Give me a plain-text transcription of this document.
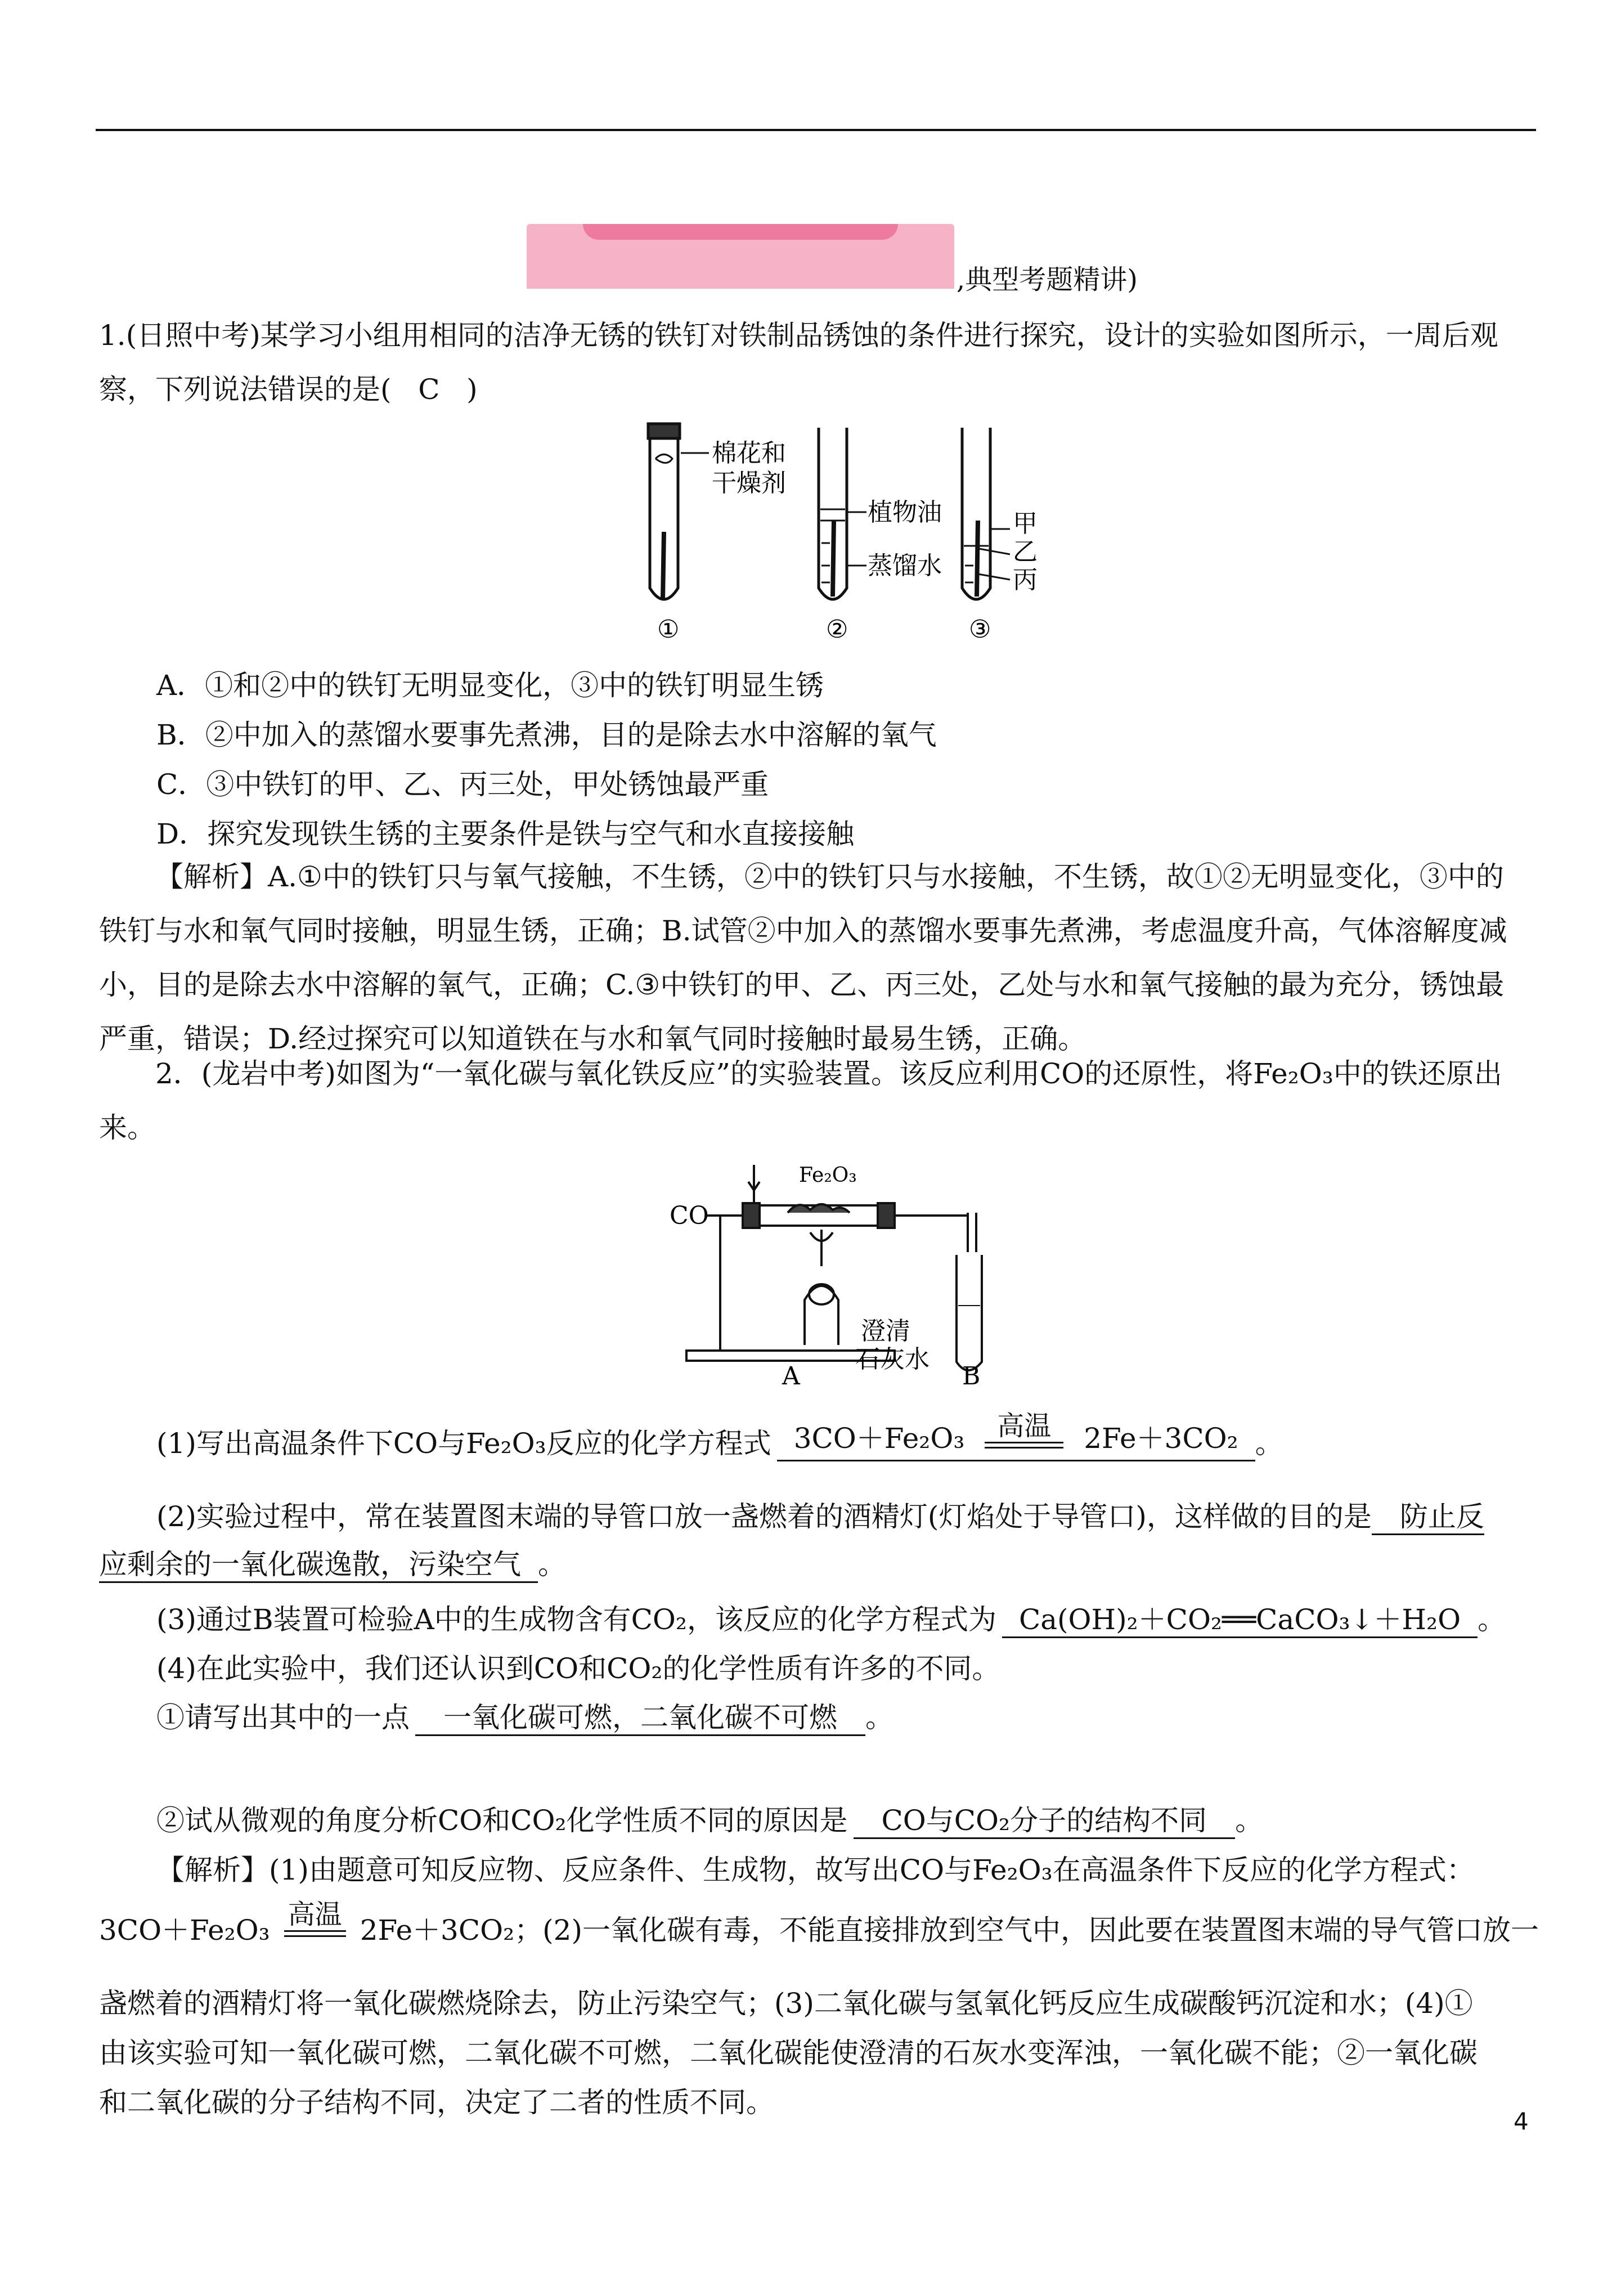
,典型考题精讲)

1.(日照中考)某学习小组用相同的洁净无锈的铁钉对铁制品锈蚀的条件进行探究，设计的实验如图所示，一周后观察，下列说法错误的是( C )

棉花和
干燥剂
①
植物油
蒸馏水
②
甲
乙
丙
③

A．①和②中的铁钉无明显变化，③中的铁钉明显生锈

B．②中加入的蒸馏水要事先煮沸，目的是除去水中溶解的氧气

C．③中铁钉的甲、乙、丙三处，甲处锈蚀最严重

D．探究发现铁生锈的主要条件是铁与空气和水直接接触

【解析】A.①中的铁钉只与氧气接触，不生锈，②中的铁钉只与水接触，不生锈，故①②无明显变化，③中的铁钉与水和氧气同时接触，明显生锈，正确；B.试管②中加入的蒸馏水要事先煮沸，考虑温度升高，气体溶解度减小，目的是除去水中溶解的氧气，正确；C.③中铁钉的甲、乙、丙三处，乙处与水和氧气接触的最为充分，锈蚀最严重，错误；D.经过探究可以知道铁在与水和氧气同时接触时最易生锈，正确。

2．(龙岩中考)如图为“一氧化碳与氧化铁反应”的实验装置。该反应利用CO的还原性，将Fe₂O₃中的铁还原出来。

CO
Fe₂O₃
澄清
石灰水
A	B
(1)写出高温条件下CO与Fe₂O₃反应的化学方程式 3CO＋Fe₂O₃	高温	2Fe＋3CO₂ 。
(2)实验过程中，常在装置图末端的导管口放一盏燃着的酒精灯(灯焰处于导管口)，这样做的目的是 防止反
应剩余的一氧化碳逸散，污染空气 。
(3)通过B装置可检验A中的生成物含有CO₂，该反应的化学方程式为 Ca(OH)₂＋CO₂══CaCO₃↓＋H₂O 。
(4)在此实验中，我们还认识到CO和CO₂的化学性质有许多的不同。
①请写出其中的一点 一氧化碳可燃，二氧化碳不可燃 。
②试从微观的角度分析CO和CO₂化学性质不同的原因是 CO与CO₂分子的结构不同 。
【解析】(1)由题意可知反应物、反应条件、生成物，故写出CO与Fe₂O₃在高温条件下反应的化学方程式：
3CO＋Fe₂O₃ 高温 2Fe＋3CO₂；(2)一氧化碳有毒，不能直接排放到空气中，因此要在装置图末端的导气管口放一
盏燃着的酒精灯将一氧化碳燃烧除去，防止污染空气；(3)二氧化碳与氢氧化钙反应生成碳酸钙沉淀和水；(4)①
由该实验可知一氧化碳可燃，二氧化碳不可燃，二氧化碳能使澄清的石灰水变浑浊，一氧化碳不能；②一氧化碳
和二氧化碳的分子结构不同，决定了二者的性质不同。
4
